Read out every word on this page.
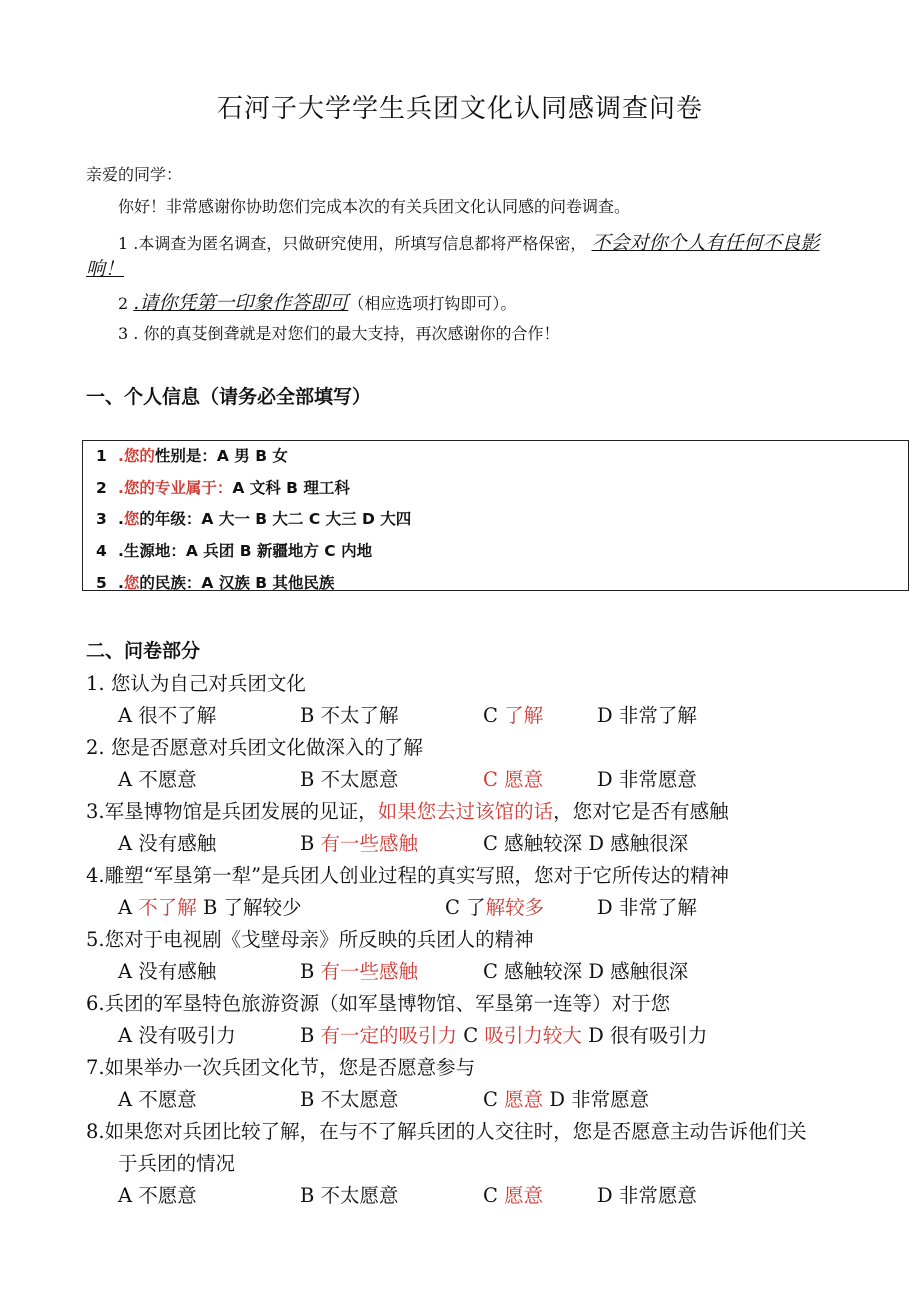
石河子大学学生兵团文化认同感调查问卷
亲爱的同学：
你好！非常感谢你协助您们完成本次的有关兵团文化认同感的问卷调查。
1 .本调查为匿名调查，只做研究使用，所填写信息都将严格保密， 不会对你个人有任何不良影
响！
2 .请你凭第一印象作答即可（相应选项打钩即可）。
3 . 你的真芟倒聋就是对您们的最大支持，再次感谢你的合作！
一、个人信息（请务必全部填写）
1 .您的性别是：A 男 B 女
2 .您的专业属于：A 文科 B 理工科
3 .您的年级：A 大一 B 大二 C 大三 D 大四
4 .生源地：A 兵团 B 新疆地方 C 内地
5 .您的民族：A 汉族 B 其他民族
二、问卷部分
1. 您认为自己对兵团文化
A 很不了解	B 不太了解	C 了解	D 非常了解
2. 您是否愿意对兵团文化做深入的了解
A 不愿意	B 不太愿意	C 愿意	D 非常愿意
3.军垦博物馆是兵团发展的见证，如果您去过该馆的话，您对它是否有感触
A 没有感触	B 有一些感触	C 感触较深 D 感触很深
4.雕塑“军垦第一犁”是兵团人创业过程的真实写照，您对于它所传达的精神
A 不了解 B 了解较少	C 了解较多	D 非常了解
5.您对于电视剧《戈壁母亲》所反映的兵团人的精神
A 没有感触	B 有一些感触	C 感触较深 D 感触很深
6.兵团的军垦特色旅游资源（如军垦博物馆、军垦第一连等）对于您
A 没有吸引力	B 有一定的吸引力 C 吸引力较大 D 很有吸引力
7.如果举办一次兵团文化节，您是否愿意参与
A 不愿意	B 不太愿意	C 愿意 D 非常愿意
8.如果您对兵团比较了解，在与不了解兵团的人交往时，您是否愿意主动告诉他们关
于兵团的情况
A 不愿意	B 不太愿意	C 愿意	D 非常愿意
